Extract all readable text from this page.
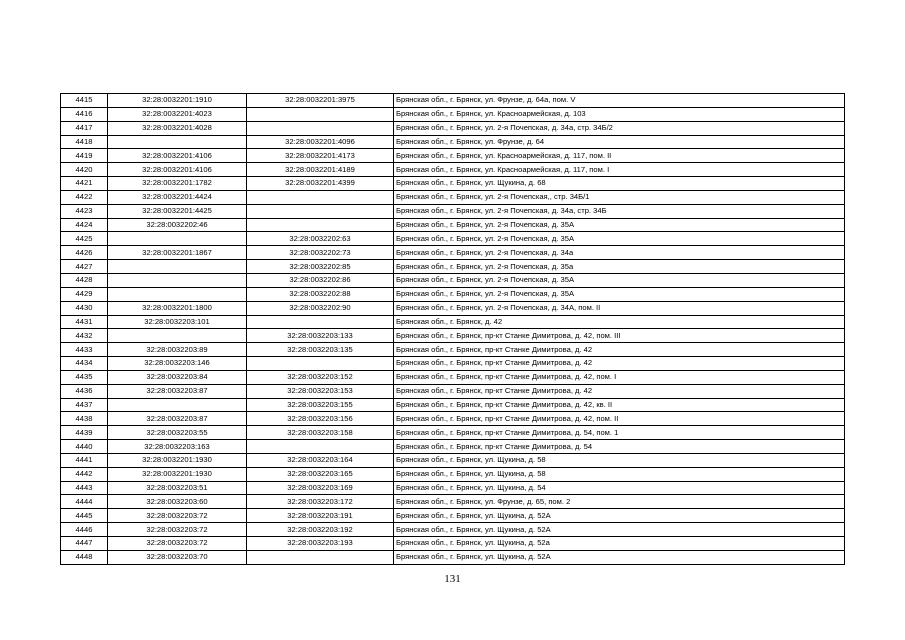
4415	32:28:0032201:1910	32:28:0032201:3975	Брянская обл., г. Брянск, ул. Фрунзе, д. 64а, пом. V
4416	32:28:0032201:4023		Брянская обл., г. Брянск, ул. Красноармейская, д. 103
4417	32:28:0032201:4028		Брянская обл., г. Брянск, ул. 2-я Почепская, д. 34а, стр. 34Б/2
4418		32:28:0032201:4096	Брянская обл., г. Брянск, ул. Фрунзе, д. 64
4419	32:28:0032201:4106	32:28:0032201:4173	Брянская обл., г. Брянск, ул. Красноармейская, д. 117, пом. II
4420	32:28:0032201:4106	32:28:0032201:4189	Брянская обл., г. Брянск, ул. Красноармейская, д. 117, пом. I
4421	32:28:0032201:1782	32:28:0032201:4399	Брянская обл., г. Брянск, ул. Щукина, д. 68
4422	32:28:0032201:4424		Брянская обл., г. Брянск, ул. 2-я Почепская,, стр. 34Б/1
4423	32:28:0032201:4425		Брянская обл., г. Брянск, ул. 2-я Почепская, д. 34а, стр. 34Б
4424	32:28:0032202:46		Брянская обл., г. Брянск, ул. 2-я Почепская, д. 35А
4425		32:28:0032202:63	Брянская обл., г. Брянск, ул. 2-я Почепская, д. 35А
4426	32:28:0032201:1867	32:28:0032202:73	Брянская обл., г. Брянск, ул. 2-я Почепская, д. 34а
4427		32:28:0032202:85	Брянская обл., г. Брянск, ул. 2-я Почепская, д. 35а
4428		32:28:0032202:86	Брянская обл., г. Брянск, ул. 2-я Почепская, д. 35А
4429		32:28:0032202:88	Брянская обл., г. Брянск, ул. 2-я Почепская, д. 35А
4430	32:28:0032201:1800	32:28:0032202:90	Брянская обл., г. Брянск, ул. 2-я Почепская, д. 34А, пом. II
4431	32:28:0032203:101		Брянская обл., г. Брянск, д. 42
4432		32:28:0032203:133	Брянская обл., г. Брянск, пр-кт Станке Димитрова, д. 42, пом. III
4433	32:28:0032203:89	32:28:0032203:135	Брянская обл., г. Брянск, пр-кт Станке Димитрова, д. 42
4434	32:28:0032203:146		Брянская обл., г. Брянск, пр-кт Станке Димитрова, д. 42
4435	32:28:0032203:84	32:28:0032203:152	Брянская обл., г. Брянск, пр-кт Станке Димитрова, д. 42, пом. I
4436	32:28:0032203:87	32:28:0032203:153	Брянская обл., г. Брянск, пр-кт Станке Димитрова, д. 42
4437		32:28:0032203:155	Брянская обл., г. Брянск, пр-кт Станке Димитрова, д. 42, кв. II
4438	32:28:0032203:87	32:28:0032203:156	Брянская обл., г. Брянск, пр-кт Станке Димитрова, д. 42, пом. II
4439	32:28:0032203:55	32:28:0032203:158	Брянская обл., г. Брянск, пр-кт Станке Димитрова, д. 54, пом. 1
4440	32:28:0032203:163		Брянская обл., г. Брянск, пр-кт Станке Димитрова, д. 54
4441	32:28:0032201:1930	32:28:0032203:164	Брянская обл., г. Брянск, ул. Щукина, д. 58
4442	32:28:0032201:1930	32:28:0032203:165	Брянская обл., г. Брянск, ул. Щукина, д. 58
4443	32:28:0032203:51	32:28:0032203:169	Брянская обл., г. Брянск, ул. Щукина, д. 54
4444	32:28:0032203:60	32:28:0032203:172	Брянская обл., г. Брянск, ул. Фрунзе, д. 65, пом. 2
4445	32:28:0032203:72	32:28:0032203:191	Брянская обл., г. Брянск, ул. Щукина, д. 52А
4446	32:28:0032203:72	32:28:0032203:192	Брянская обл., г. Брянск, ул. Щукина, д. 52А
4447	32:28:0032203:72	32:28:0032203:193	Брянская обл., г. Брянск, ул. Щукина, д. 52а
4448	32:28:0032203:70		Брянская обл., г. Брянск, ул. Щукина, д. 52А
131
